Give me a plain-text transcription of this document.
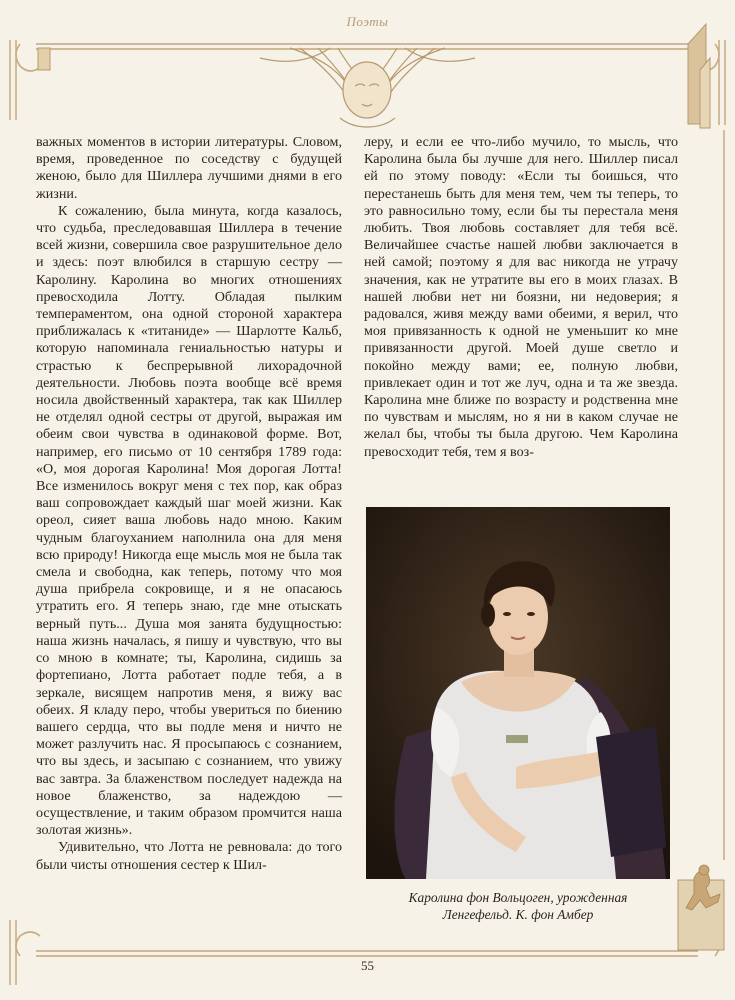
Поэты

важных моментов в истории литературы. Словом, время, проведенное по соседству с будущей женою, было для Шиллера лучшими днями в его жизни.

К сожалению, была минута, когда казалось, что судьба, преследовавшая Шиллера в течение всей жизни, совершила свое разрушительное дело и здесь: поэт влюбился в старшую сестру — Каролину. Каролина во многих отношениях превосходила Лотту. Обладая пылким темпераментом, она одной стороной характера приближалась к «титаниде» — Шарлотте Кальб, которую напоминала гениальностью натуры и страстью к беспрерывной лихорадочной деятельности. Любовь поэта вообще всё время носила двойственный характера, так как Шиллер не отделял одной сестры от другой, выражая им обеим свои чувства в одинаковой форме. Вот, например, его письмо от 10 сентября 1789 года: «О, моя дорогая Каролина! Моя дорогая Лотта! Все изменилось вокруг меня с тех пор, как образ ваш сопровождает каждый шаг моей жизни. Как ореол, сияет ваша любовь надо мною. Каким чудным благоуханием наполнила она для меня всю природу! Никогда еще мысль моя не была так смела и свободна, как теперь, потому что моя душа прибрела сокровище, и я не опасаюсь утратить его. Я теперь знаю, где мне отыскать верный путь... Душа моя занята будущностью: наша жизнь началась, я пишу и чувствую, что вы со мною в комнате; ты, Каролина, сидишь за фортепиано, Лотта работает подле тебя, а в зеркале, висящем напротив меня, я вижу вас обеих. Я кладу перо, чтобы увериться по биению вашего сердца, что вы подле меня и ничто не может разлучить нас. Я просыпаюсь с сознанием, что вы здесь, и засыпаю с сознанием, что увижу вас завтра. За блаженством последует надежда на новое блаженство, за надеждою — осуществление, и таким образом промчится наша золотая жизнь».

Удивительно, что Лотта не ревновала: до того были чисты отношения сестер к Шил-

леру, и если ее что-либо мучило, то мысль, что Каролина была бы лучше для него. Шиллер писал ей по этому поводу: «Если ты боишься, что перестанешь быть для меня тем, чем ты теперь, то это равносильно тому, если бы ты перестала меня любить. Твоя любовь составляет для тебя всё. Величайшее счастье нашей любви заключается в ней самой; поэтому я для вас никогда не утрачу значения, как не утратите вы его в моих глазах. В нашей любви нет ни боязни, ни недоверия; я радовался, живя между вами обеими, я верил, что моя привязанность к одной не уменьшит ко мне привязанности другой. Моей душе светло и покойно между вами; ее, полную любви, привлекает один и тот же луч, одна и та же звезда. Каролина мне ближе по возрасту и родственна мне по чувствам и мыслям, но я ни в каком случае не желал бы, чтобы ты была другою. Чем Каролина превосходит тебя, тем я воз-

Каролина фон Вольцоген, урожденная
Ленгефельд. К. фон Амбер
55
